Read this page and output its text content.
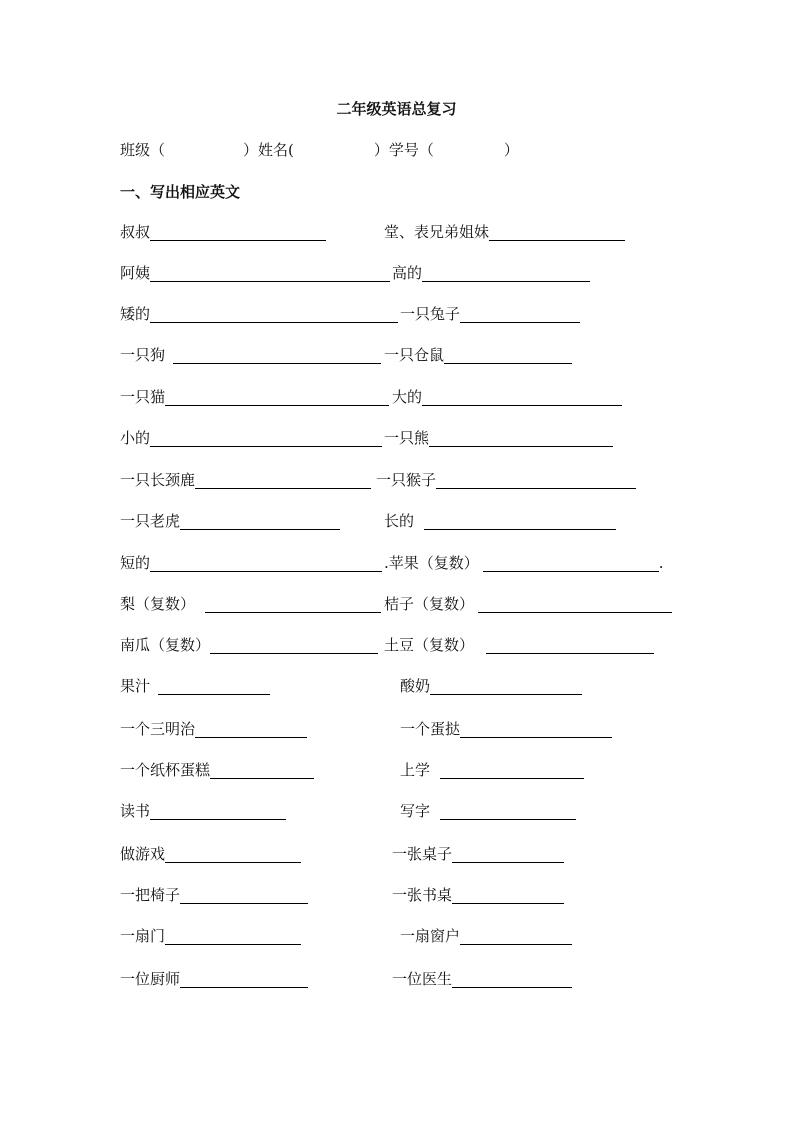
二年级英语总复习
班级（	）姓名(	）学号（	）
一、写出相应英文
叔叔	堂、表兄弟姐妹
阿姨	高的
矮的	一只兔子
一只狗	一只仓鼠
一只猫	大的
小的	一只熊
一只长颈鹿	一只猴子
一只老虎	长的
短的	.苹果（复数）	.
梨（复数）	桔子（复数）
南瓜（复数）	土豆（复数）
果汁	酸奶
一个三明治	一个蛋挞
一个纸杯蛋糕	上学
读书	写字
做游戏	一张桌子
一把椅子	一张书桌
一扇门	一扇窗户
一位厨师	一位医生
